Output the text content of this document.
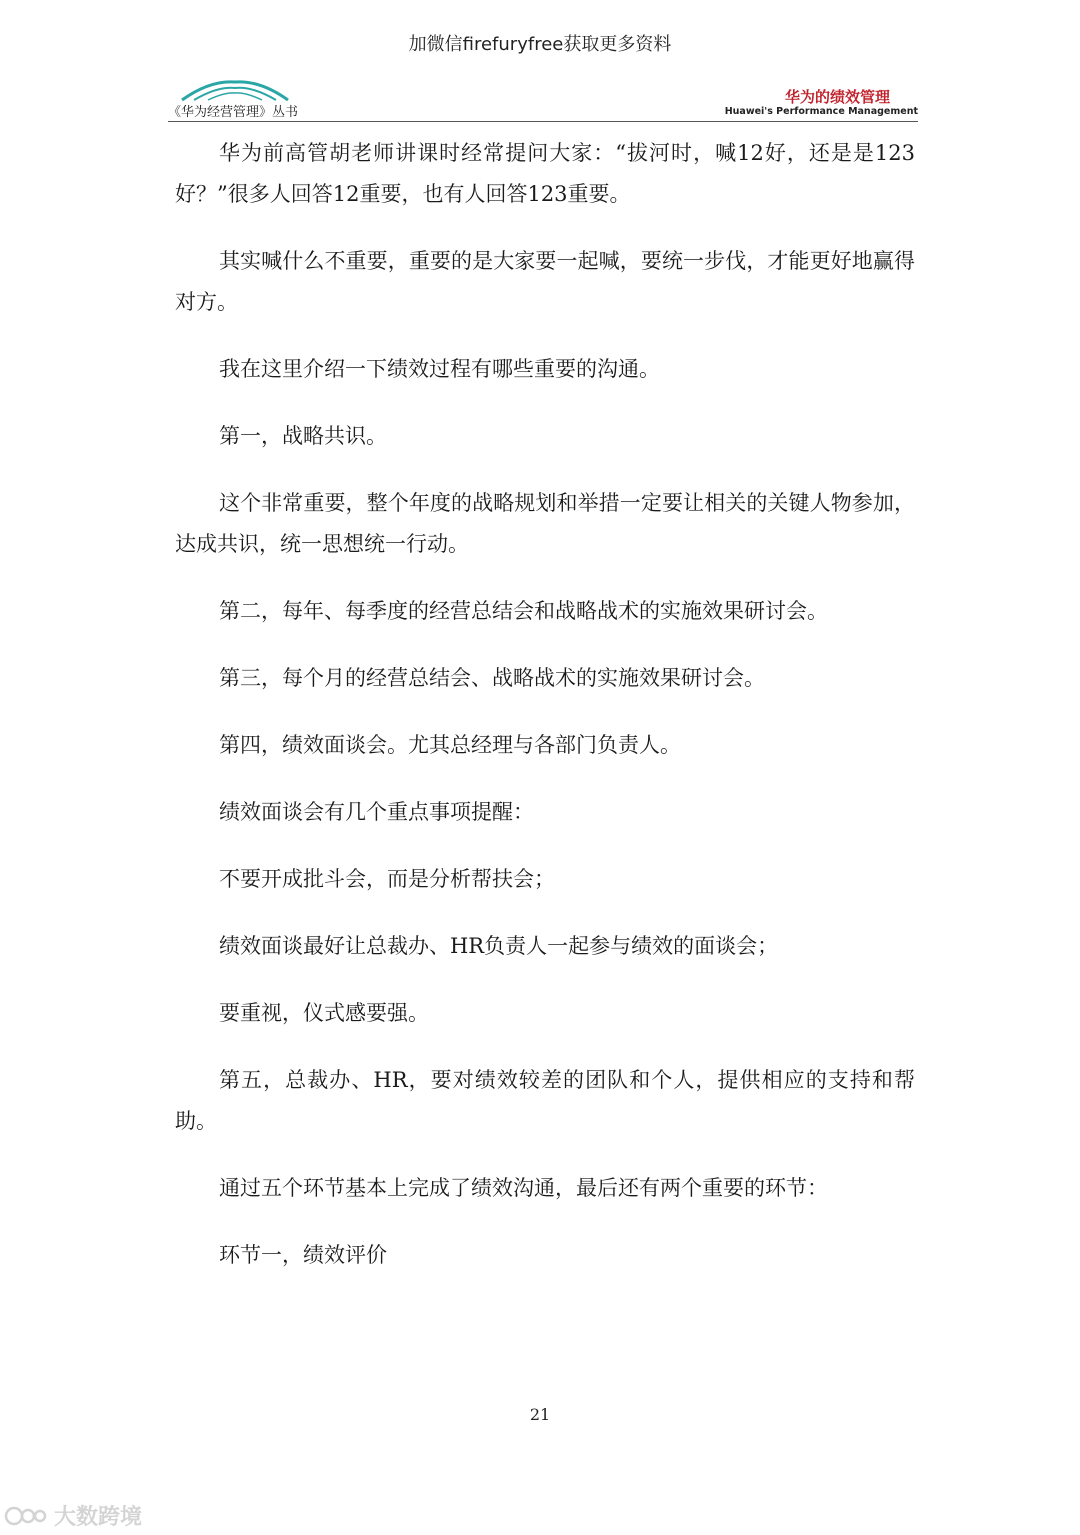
加微信firefuryfree获取更多资料
《华为经营管理》丛书
华为的绩效管理
Huawei's Performance Management

华为前高管胡老师讲课时经常提问大家：“拔河时，喊12好，还是是123好？”很多人回答12重要，也有人回答123重要。

其实喊什么不重要，重要的是大家要一起喊，要统一步伐，才能更好地赢得对方。

我在这里介绍一下绩效过程有哪些重要的沟通。

第一，战略共识。

这个非常重要，整个年度的战略规划和举措一定要让相关的关键人物参加，达成共识，统一思想统一行动。

第二，每年、每季度的经营总结会和战略战术的实施效果研讨会。

第三，每个月的经营总结会、战略战术的实施效果研讨会。

第四，绩效面谈会。尤其总经理与各部门负责人。

绩效面谈会有几个重点事项提醒：

不要开成批斗会，而是分析帮扶会；

绩效面谈最好让总裁办、HR负责人一起参与绩效的面谈会；

要重视，仪式感要强。

第五，总裁办、HR，要对绩效较差的团队和个人，提供相应的支持和帮助。

通过五个环节基本上完成了绩效沟通，最后还有两个重要的环节：

环节一，绩效评价

21
大数跨境
